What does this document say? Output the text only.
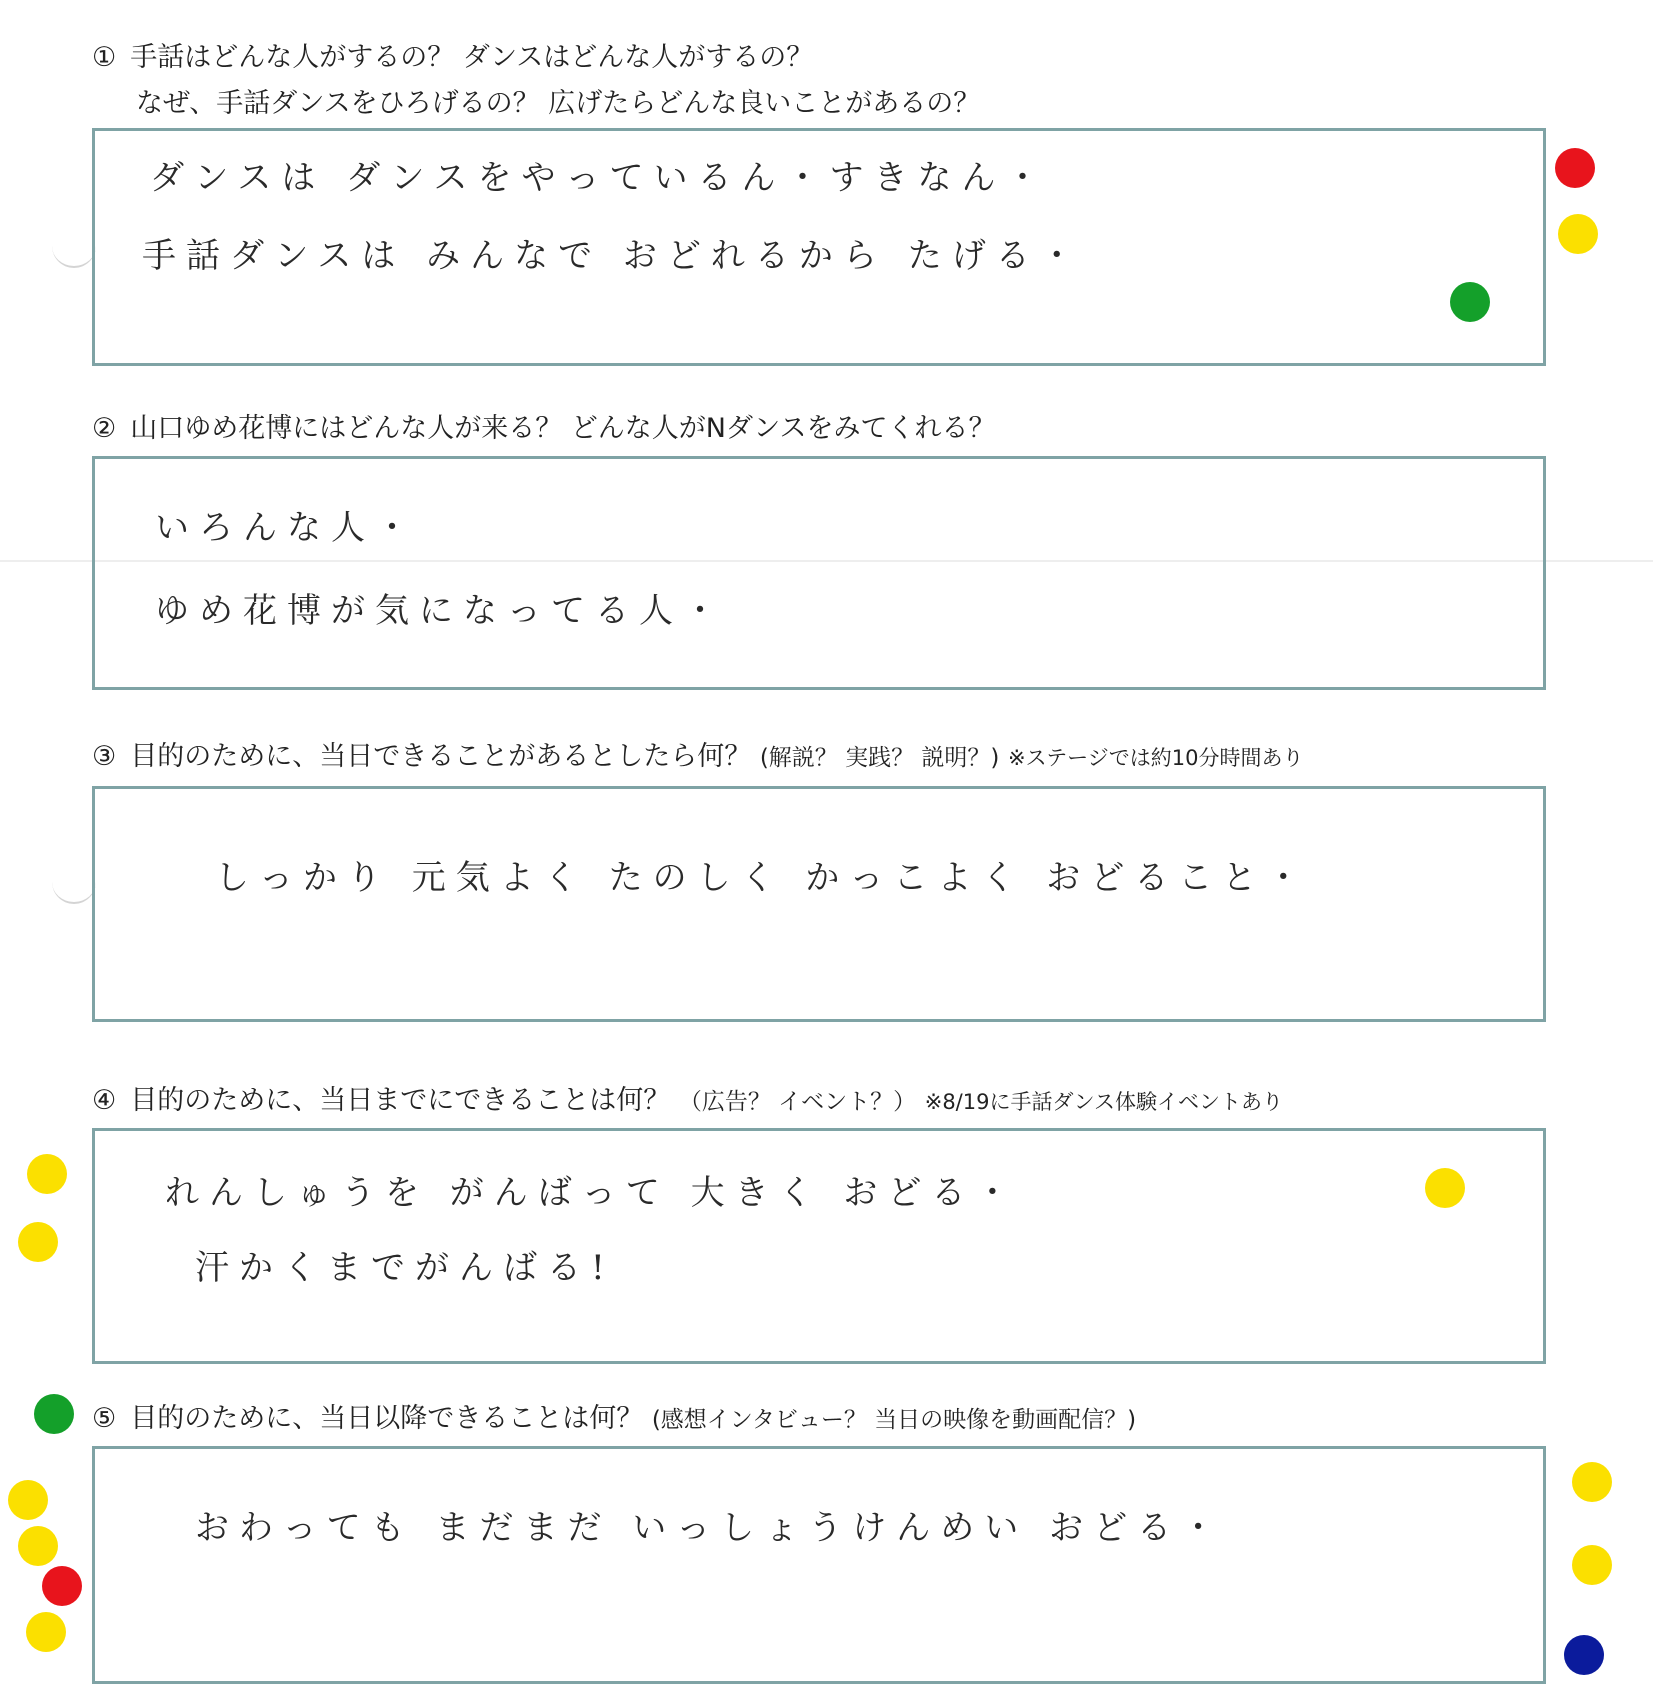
① 手話はどんな人がするの？ ダンスはどんな人がするの？
なぜ、手話ダンスをひろげるの？ 広げたらどんな良いことがあるの？
ダンスは ダンスをやっているん・すきなん・
手話ダンスは みんなで おどれるから たげる・
② 山口ゆめ花博にはどんな人が来る？ どんな人がNダンスをみてくれる？
いろんな人・
ゆめ花博が気になってる人・
③ 目的のために、当日できることがあるとしたら何？ (解説？ 実践？ 説明？) ※ステージでは約10分時間あり
しっかり 元気よく たのしく かっこよく おどること・
④ 目的のために、当日までにできることは何？ （広告？ イベント？） ※8/19に手話ダンス体験イベントあり
れんしゅうを がんばって 大きく おどる・
汗かくまでがんばる!
⑤ 目的のために、当日以降できることは何？ (感想インタビュー？ 当日の映像を動画配信？)
おわっても まだまだ いっしょうけんめい おどる・
